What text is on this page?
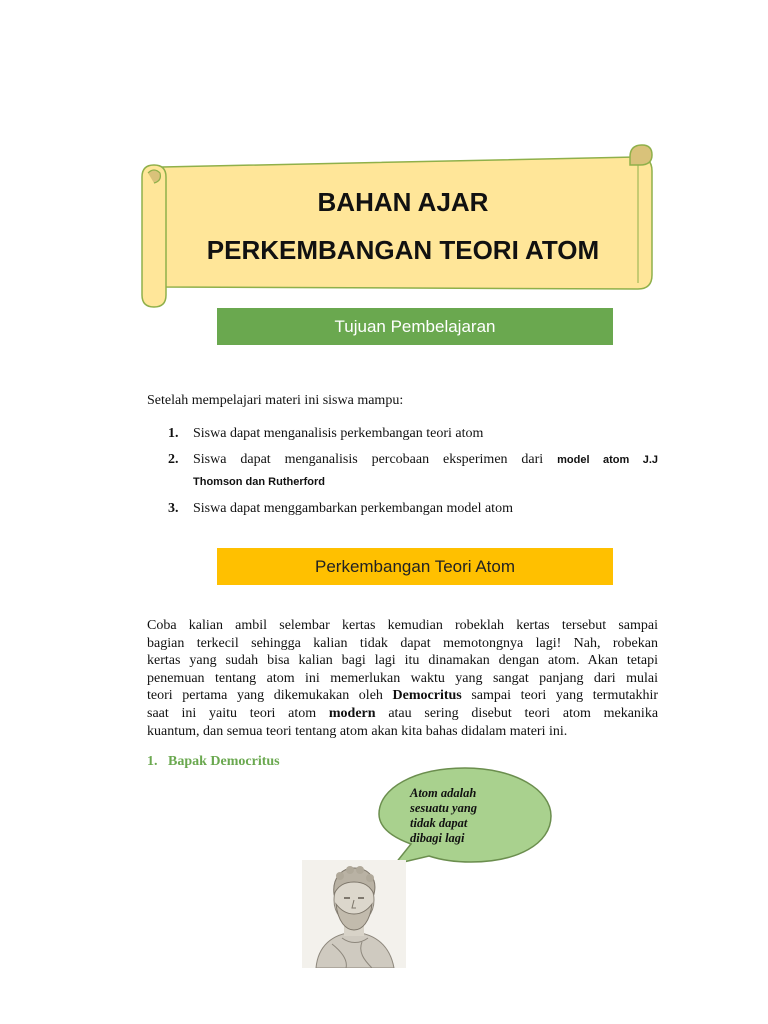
BAHAN AJAR
PERKEMBANGAN TEORI ATOM
Tujuan Pembelajaran
Setelah mempelajari materi ini siswa mampu:
1. Siswa dapat menganalisis perkembangan teori atom
2. Siswa dapat menganalisis percobaan eksperimen dari model atom J.J
Thomson dan Rutherford
3. Siswa dapat menggambarkan perkembangan model atom
Perkembangan Teori Atom
Coba kalian ambil selembar kertas kemudian robeklah kertas tersebut sampai
bagian terkecil sehingga kalian tidak dapat memotongnya lagi! Nah, robekan
kertas yang sudah bisa kalian bagi lagi itu dinamakan dengan atom. Akan tetapi
penemuan tentang atom ini memerlukan waktu yang sangat panjang dari mulai
teori pertama yang dikemukakan oleh Democritus sampai teori yang termutakhir
saat ini yaitu teori atom modern atau sering disebut teori atom mekanika
kuantum, dan semua teori tentang atom akan kita bahas didalam materi ini.
1. Bapak Democritus
Atom adalah
sesuatu yang
tidak dapat
dibagi lagi
